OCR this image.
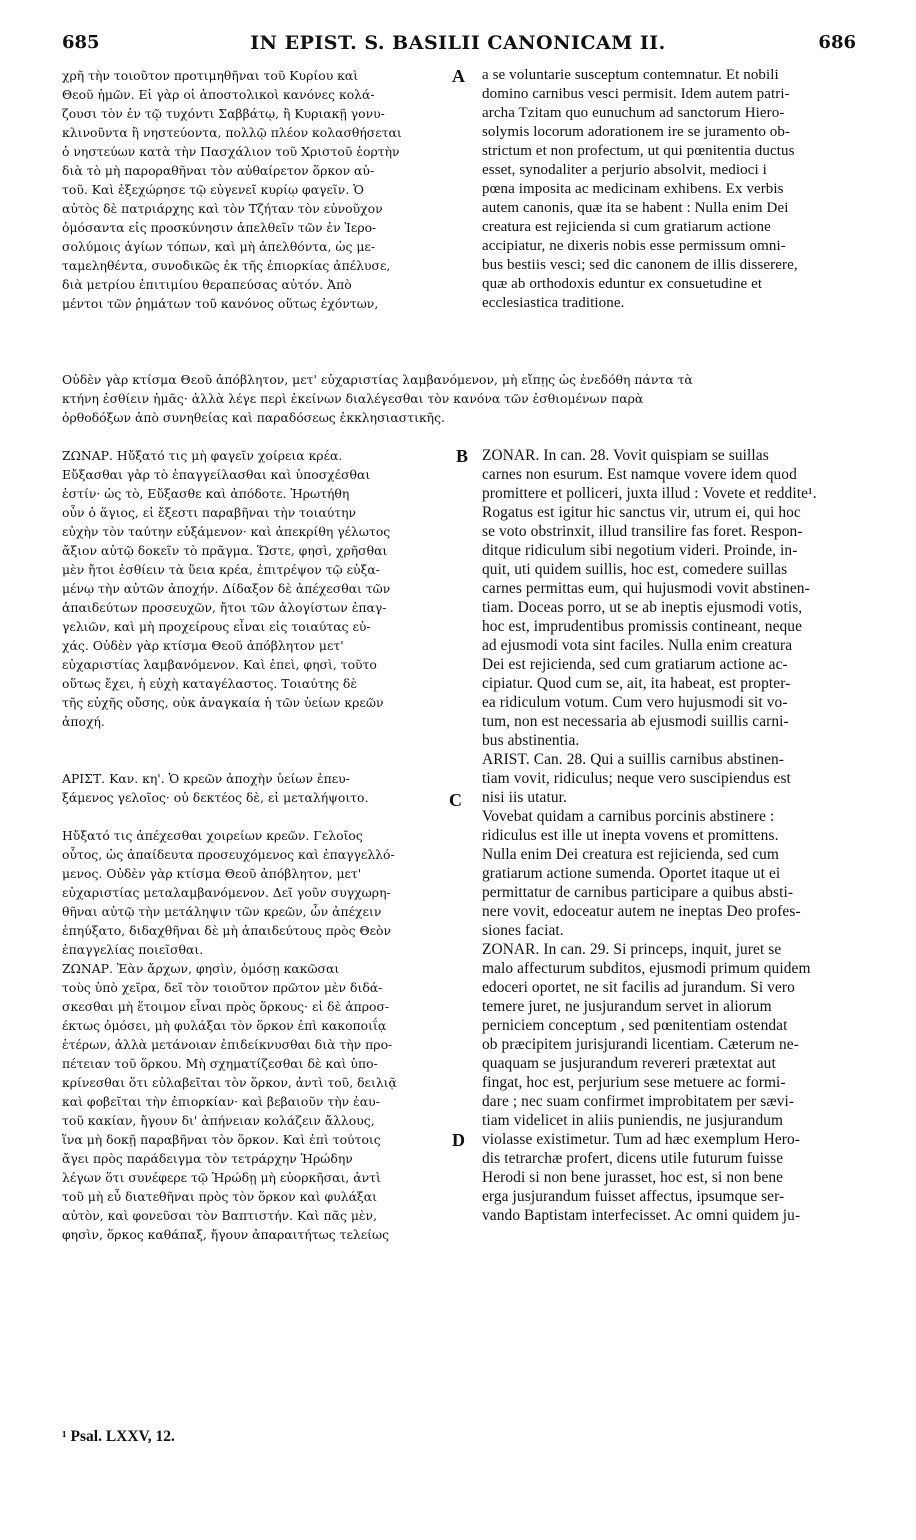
685	IN EPIST. S. BASILII CANONICAM II.	686
χρῆ τὴν τοιοῦτον προτιμηθῆναι τοῦ Κυρίου καὶ
Θεοῦ ἡμῶν. Εἰ γὰρ οἱ ἀποστολικοὶ κανόνες κολά-
ζουσι τὸν ἐν τῷ τυχόντι Σαββάτῳ, ἢ Κυριακῇ γονυ-
κλινοῦντα ἢ νηστεύοντα, πολλῷ πλέον κολασθήσεται
ὁ νηστεύων κατὰ τὴν Πασχάλιον τοῦ Χριστοῦ ἑορτὴν
διὰ τὸ μὴ παροραθῆναι τὸν αὐθαίρετον ὅρκον αὐ-
τοῦ. Καὶ ἐξεχώρησε τῷ εὐγενεῖ κυρίῳ φαγεῖν. Ὁ
αὐτὸς δὲ πατριάρχης καὶ τὸν Τζήταν τὸν εὐνοῦχον
ὀμόσαντα εἰς προσκύνησιν ἀπελθεῖν τῶν ἐν Ἱερο-
σολύμοις ἁγίων τόπων, καὶ μὴ ἀπελθόντα, ὡς με-
ταμεληθέντα, συνοδικῶς ἐκ τῆς ἐπιορκίας ἀπέλυσε,
διὰ μετρίου ἐπιτιμίου θεραπεύσας αὐτόν. Ἀπὸ
μέντοι τῶν ῥημάτων τοῦ κανόνος οὕτως ἐχόντων,
a se voluntarie susceptum contemnatur. Et nobili
domino carnibus vesci permisit. Idem autem patri-
archa Tzitam quo eunuchum ad sanctorum Hiero-
solymis locorum adorationem ire se juramento ob-
strictum et non profectum, ut qui pœnitentia ductus
esset, synodaliter a perjurio absolvit, medioci i
pœna imposita ac medicinam exhibens. Ex verbis
autem canonis, quæ ita se habent : Nulla enim Dei
creatura est rejicienda si cum gratiarum actione
accipiatur, ne dixeris nobis esse permissum omni-
bus bestiis vesci; sed dic canonem de illis disserere,
quæ ab orthodoxis eduntur ex consuetudine et
ecclesiastica traditione.
Οὐδὲν γὰρ κτίσμα Θεοῦ ἀπόβλητον, μετ' εὐχαριστίας λαμβανόμενον, μὴ εἴπῃς ὡς ἐνεδόθη πάντα τὰ
κτήνη ἐσθίειν ἡμᾶς· ἀλλὰ λέγε περὶ ἐκείνων διαλέγεσθαι τὸν κανόνα τῶν ἐσθιομένων παρὰ
ὀρθοδόξων ἀπὸ συνηθείας καὶ παραδόσεως ἐκκλησιαστικῆς.
ΖΩΝΑΡ. Ηὔξατό τις μὴ φαγεῖν χοίρεια κρέα.
Εὔξασθαι γὰρ τὸ ἐπαγγείλασθαι καὶ ὑποσχέσθαι
ἐστίν· ὡς τὸ, Εὔξασθε καὶ ἀπόδοτε. Ἠρωτήθη
οὖν ὁ ἅγιος, εἰ ἔξεστι παραβῆναι τὴν τοιαύτην
εὐχὴν τὸν ταύτην εὐξάμενον· καὶ ἀπεκρίθη γέλωτος
ἄξιον αὐτῷ δοκεῖν τὸ πρᾶγμα. Ὥστε, φησὶ, χρῆσθαι
μὲν ἤτοι ἐσθίειν τὰ ὕεια κρέα, ἐπιτρέψον τῷ εὐξα-
μένῳ τὴν αὐτῶν ἀποχήν. Δίδαξον δὲ ἀπέχεσθαι τῶν
ἀπαιδεύτων προσευχῶν, ἤτοι τῶν ἀλογίστων ἐπαγ-
γελιῶν, καὶ μὴ προχείρους εἶναι εἰς τοιαύτας εὐ-
χάς. Οὐδὲν γὰρ κτίσμα Θεοῦ ἀπόβλητον μετ'
εὐχαριστίας λαμβανόμενον. Καὶ ἐπεὶ, φησὶ, τοῦτο
οὕτως ἔχει, ἡ εὐχὴ καταγέλαστος. Τοιαύτης δὲ
τῆς εὐχῆς οὔσης, οὐκ ἀναγκαία ἡ τῶν ὑείων κρεῶν
ἀποχή.
ΑΡΙΣΤ. Καν. κη'. Ὁ κρεῶν ἀποχὴν ὑείων ἐπευ-
ξάμενος γελοῖος· οὐ δεκτέος δὲ, εἰ μεταλήψοιτο.
Ηὔξατό τις ἀπέχεσθαι χοιρείων κρεῶν. Γελοῖος
οὗτος, ὡς ἀπαίδευτα προσευχόμενος καὶ ἐπαγγελλό-
μενος. Οὐδὲν γὰρ κτίσμα Θεοῦ ἀπόβλητον, μετ'
εὐχαριστίας μεταλαμβανόμενον. Δεῖ γοῦν συγχωρη-
θῆναι αὐτῷ τὴν μετάληψιν τῶν κρεῶν, ὧν ἀπέχειν
ἐπηύξατο, διδαχθῆναι δὲ μὴ ἀπαιδεύτους πρὸς Θεὸν
ἐπαγγελίας ποιεῖσθαι.
ΖΩΝΑΡ. Ἐὰν ἄρχων, φησὶν, ὀμόσῃ κακῶσαι
τοὺς ὑπὸ χεῖρα, δεῖ τὸν τοιοῦτον πρῶτον μὲν διδά-
σκεσθαι μὴ ἕτοιμον εἶναι πρὸς ὅρκους· εἰ δὲ ἀπροσ-
έκτως ὀμόσει, μὴ φυλάξαι τὸν ὅρκον ἐπὶ κακοποιΐᾳ
ἑτέρων, ἀλλὰ μετάνοιαν ἐπιδείκνυσθαι διὰ τὴν προ-
πέτειαν τοῦ ὅρκου. Μὴ σχηματίζεσθαι δὲ καὶ ὑπο-
κρίνεσθαι ὅτι εὐλαβεῖται τὸν ὅρκον, ἀντὶ τοῦ, δειλιᾷ
καὶ φοβεῖται τὴν ἐπιορκίαν· καὶ βεβαιοῦν τὴν ἑαυ-
τοῦ κακίαν, ἤγουν δι' ἀπήνειαν κολάζειν ἄλλους,
ἵνα μὴ δοκῇ παραβῆναι τὸν ὅρκον. Καὶ ἐπὶ τούτοις
ἄγει πρὸς παράδειγμα τὸν τετράρχην Ἡρώδην
λέγων ὅτι συνέφερε τῷ Ἡρώδῃ μὴ εὐορκῆσαι, ἀντὶ
τοῦ μὴ εὖ διατεθῆναι πρὸς τὸν ὅρκον καὶ φυλάξαι
αὐτὸν, καὶ φονεῦσαι τὸν Βαπτιστήν. Καὶ πᾶς μὲν,
φησὶν, ὅρκος καθάπαξ, ἤγουν ἀπαραιτήτως τελείως
ZONAR. In can. 28. Vovit quispiam se suillas
carnes non esurum. Est namque vovere idem quod
promittere et polliceri, juxta illud : Vovete et reddite¹.
Rogatus est igitur hic sanctus vir, utrum ei, qui hoc
se voto obstrinxit, illud transilire fas foret. Respon-
ditque ridiculum sibi negotium videri. Proinde, in-
quit, uti quidem suillis, hoc est, comedere suillas
carnes permittas eum, qui hujusmodi vovit abstinen-
tiam. Doceas porro, ut se ab ineptis ejusmodi votis,
hoc est, imprudentibus promissis contineant, neque
ad ejusmodi vota sint faciles. Nulla enim creatura
Dei est rejicienda, sed cum gratiarum actione ac-
cipiatur. Quod cum se, ait, ita habeat, est propter-
ea ridiculum votum. Cum vero hujusmodi sit vo-
tum, non est necessaria ab ejusmodi suillis carni-
bus abstinentia.
ARIST. Can. 28. Qui a suillis carnibus abstinen-
tiam vovit, ridiculus; neque vero suscipiendus est
nisi iis utatur.
Vovebat quidam a carnibus porcinis abstinere :
ridiculus est ille ut inepta vovens et promittens.
Nulla enim Dei creatura est rejicienda, sed cum
gratiarum actione sumenda. Oportet itaque ut ei
permittatur de carnibus participare a quibus absti-
nere vovit, edoceatur autem ne ineptas Deo profes-
siones faciat.
ZONAR. In can. 29. Si princeps, inquit, juret se
malo affecturum subditos, ejusmodi primum quidem
edoceri oportet, ne sit facilis ad jurandum. Si vero
temere juret, ne jusjurandum servet in aliorum
perniciem conceptum , sed pœnitentiam ostendat
ob præcipitem jurisjurandi licentiam. Cæterum ne-
quaquam se jusjurandum revereri prætextat aut
fingat, hoc est, perjurium sese metuere ac formi-
dare ; nec suam confirmet improbitatem per sævi-
tiam videlicet in aliis puniendis, ne jusjurandum
violasse existimetur. Tum ad hæc exemplum Hero-
dis tetrarchæ profert, dicens utile futurum fuisse
Herodi si non bene jurasset, hoc est, si non bene
erga jusjurandum fuisset affectus, ipsumque ser-
vando Baptistam interfecisset. Ac omni quidem ju-
A
B
C
D
¹ Psal. LXXV, 12.
